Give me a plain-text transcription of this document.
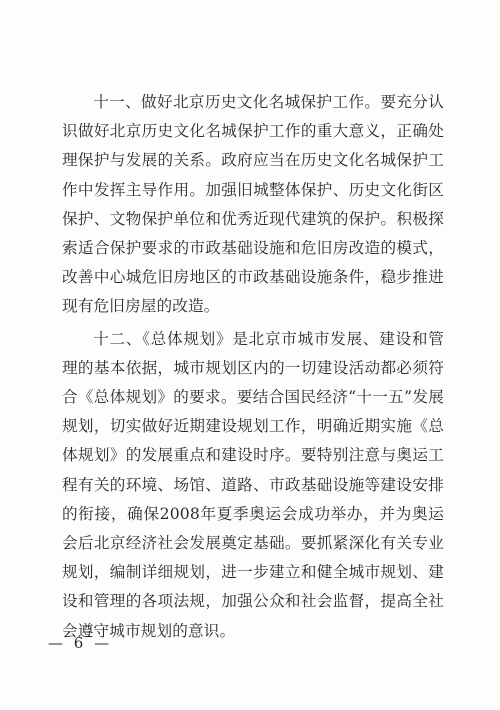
十一、做好北京历史文化名城保护工作。要充分认识做好北京历史文化名城保护工作的重大意义，正确处理保护与发展的关系。政府应当在历史文化名城保护工作中发挥主导作用。加强旧城整体保护、历史文化街区保护、文物保护单位和优秀近现代建筑的保护。积极探索适合保护要求的市政基础设施和危旧房改造的模式，改善中心城危旧房地区的市政基础设施条件，稳步推进现有危旧房屋的改造。

十二、《总体规划》是北京市城市发展、建设和管理的基本依据，城市规划区内的一切建设活动都必须符合《总体规划》的要求。要结合国民经济“十一五”发展规划，切实做好近期建设规划工作，明确近期实施《总体规划》的发展重点和建设时序。要特别注意与奥运工程有关的环境、场馆、道路、市政基础设施等建设安排的衔接，确保2008年夏季奥运会成功举办，并为奥运会后北京经济社会发展奠定基础。要抓紧深化有关专业规划，编制详细规划，进一步建立和健全城市规划、建设和管理的各项法规，加强公众和社会监督，提高全社会遵守城市规划的意识。

— 6 —
